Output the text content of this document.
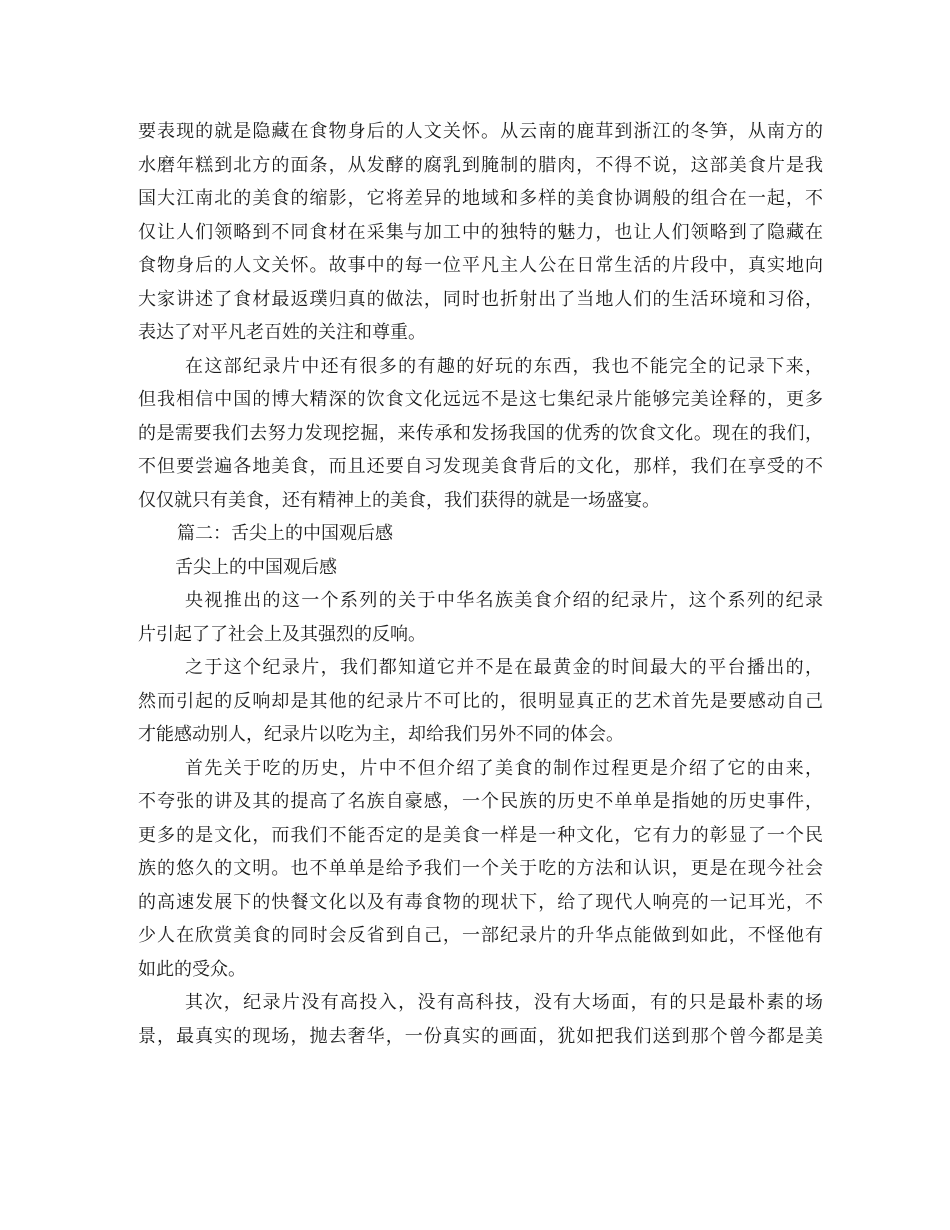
要表现的就是隐藏在食物身后的人文关怀。从云南的鹿茸到浙江的冬笋，从南方的
水磨年糕到北方的面条，从发酵的腐乳到腌制的腊肉，不得不说，这部美食片是我
国大江南北的美食的缩影，它将差异的地域和多样的美食协调般的组合在一起，不
仅让人们领略到不同食材在采集与加工中的独特的魅力，也让人们领略到了隐藏在
食物身后的人文关怀。故事中的每一位平凡主人公在日常生活的片段中，真实地向
大家讲述了食材最返璞归真的做法，同时也折射出了当地人们的生活环境和习俗，
表达了对平凡老百姓的关注和尊重。
在这部纪录片中还有很多的有趣的好玩的东西，我也不能完全的记录下来，
但我相信中国的博大精深的饮食文化远远不是这七集纪录片能够完美诠释的，更多
的是需要我们去努力发现挖掘，来传承和发扬我国的优秀的饮食文化。现在的我们，
不但要尝遍各地美食，而且还要自习发现美食背后的文化，那样，我们在享受的不
仅仅就只有美食，还有精神上的美食，我们获得的就是一场盛宴。
篇二：舌尖上的中国观后感
舌尖上的中国观后感
央视推出的这一个系列的关于中华名族美食介绍的纪录片，这个系列的纪录
片引起了了社会上及其强烈的反响。
之于这个纪录片，我们都知道它并不是在最黄金的时间最大的平台播出的，
然而引起的反响却是其他的纪录片不可比的，很明显真正的艺术首先是要感动自己
才能感动别人，纪录片以吃为主，却给我们另外不同的体会。
首先关于吃的历史，片中不但介绍了美食的制作过程更是介绍了它的由来，
不夸张的讲及其的提高了名族自豪感，一个民族的历史不单单是指她的历史事件，
更多的是文化，而我们不能否定的是美食一样是一种文化，它有力的彰显了一个民
族的悠久的文明。也不单单是给予我们一个关于吃的方法和认识，更是在现今社会
的高速发展下的快餐文化以及有毒食物的现状下，给了现代人响亮的一记耳光，不
少人在欣赏美食的同时会反省到自己，一部纪录片的升华点能做到如此，不怪他有
如此的受众。
其次，纪录片没有高投入，没有高科技，没有大场面，有的只是最朴素的场
景，最真实的现场，抛去奢华，一份真实的画面，犹如把我们送到那个曾今都是美
